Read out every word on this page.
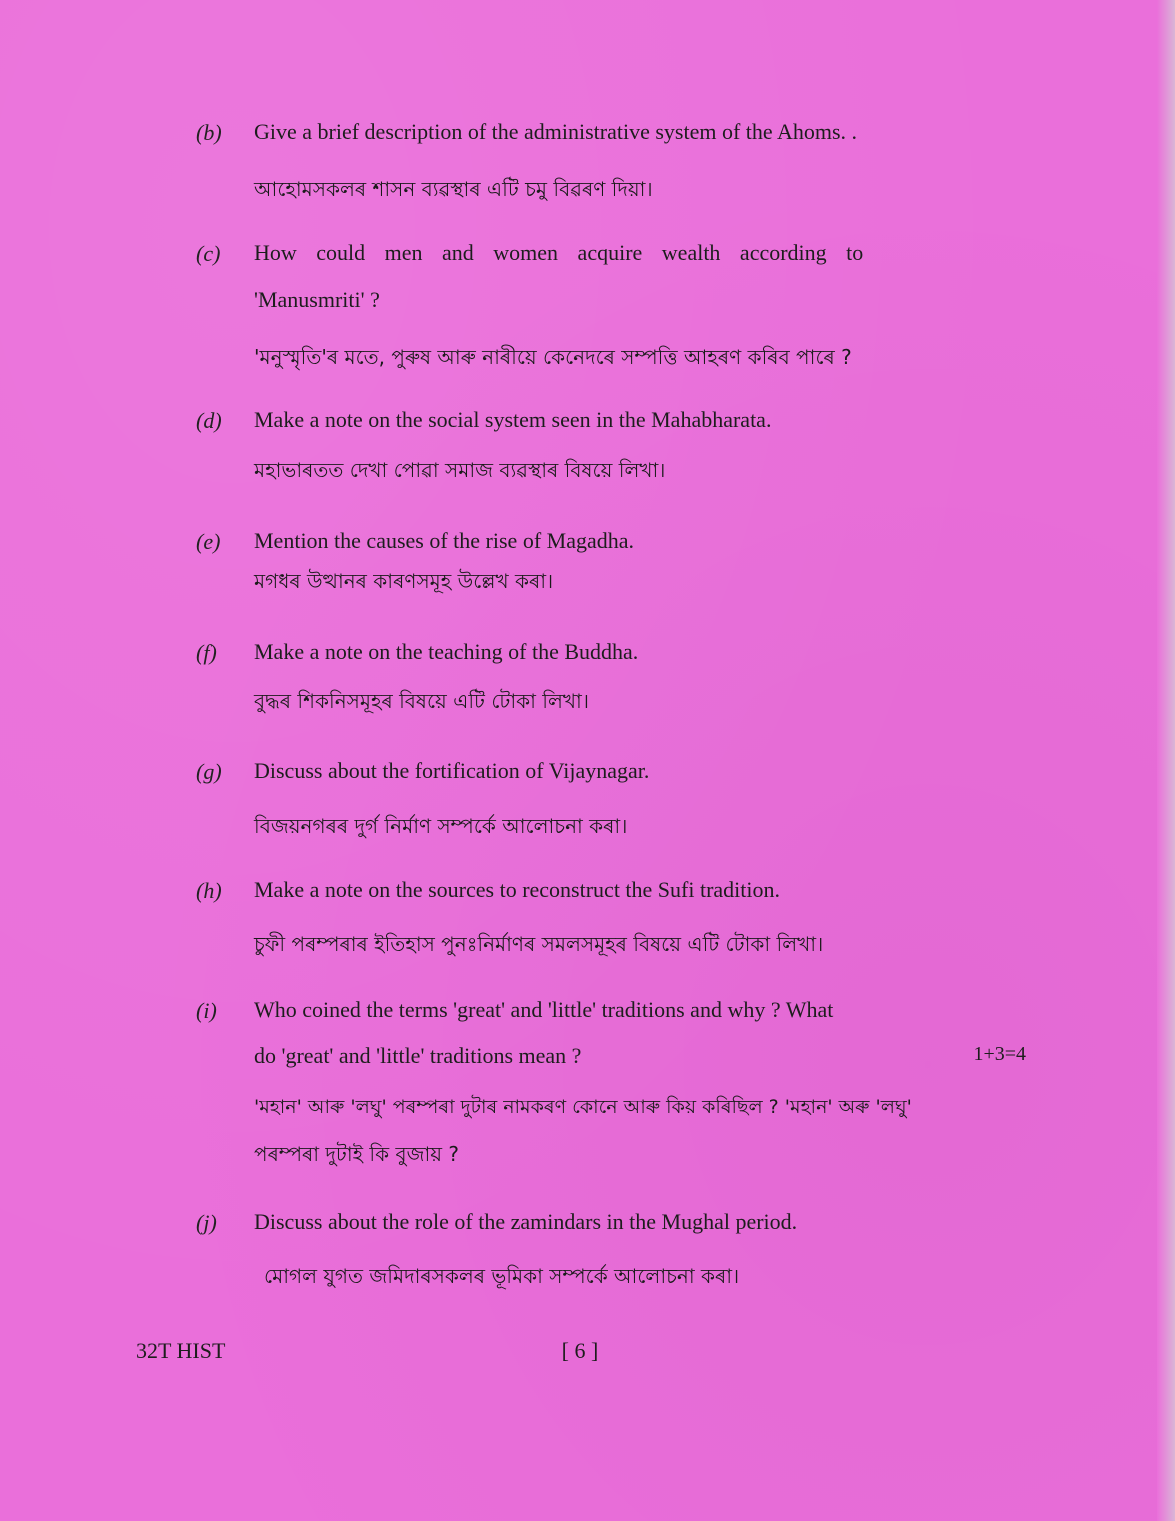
(b) Give a brief description of the administrative system of the Ahoms. .
আহোমসকলৰ শাসন ব্যৱস্থাৰ এটি চমু বিৱৰণ দিয়া।
(c) How could men and women acquire wealth according to
'Manusmriti' ?
'মনুস্মৃতি'ৰ মতে, পুৰুষ আৰু নাৰীয়ে কেনেদৰে সম্পত্তি আহৰণ কৰিব পাৰে ?
(d) Make a note on the social system seen in the Mahabharata.
মহাভাৰতত দেখা পোৱা সমাজ ব্যৱস্থাৰ বিষয়ে লিখা।
(e) Mention the causes of the rise of Magadha.
মগধৰ উত্থানৰ কাৰণসমূহ উল্লেখ কৰা।
(f) Make a note on the teaching of the Buddha.
বুদ্ধৰ শিকনিসমূহৰ বিষয়ে এটি টোকা লিখা।
(g) Discuss about the fortification of Vijaynagar.
বিজয়নগৰৰ দুৰ্গ নিৰ্মাণ সম্পৰ্কে আলোচনা কৰা।
(h) Make a note on the sources to reconstruct the Sufi tradition.
চুফী পৰম্পৰাৰ ইতিহাস পুনঃনিৰ্মাণৰ সমলসমূহৰ বিষয়ে এটি টোকা লিখা।
(i) Who coined the terms 'great' and 'little' traditions and why ? What
do 'great' and 'little' traditions mean ?	1+3=4
'মহান' আৰু 'লঘু' পৰম্পৰা দুটাৰ নামকৰণ কোনে আৰু কিয় কৰিছিল ? 'মহান' অৰু 'লঘু'
পৰম্পৰা দুটাই কি বুজায় ?
(j) Discuss about the role of the zamindars in the Mughal period.
মোগল যুগত জমিদাৰসকলৰ ভূমিকা সম্পৰ্কে আলোচনা কৰা।
32T HIST	[ 6 ]
